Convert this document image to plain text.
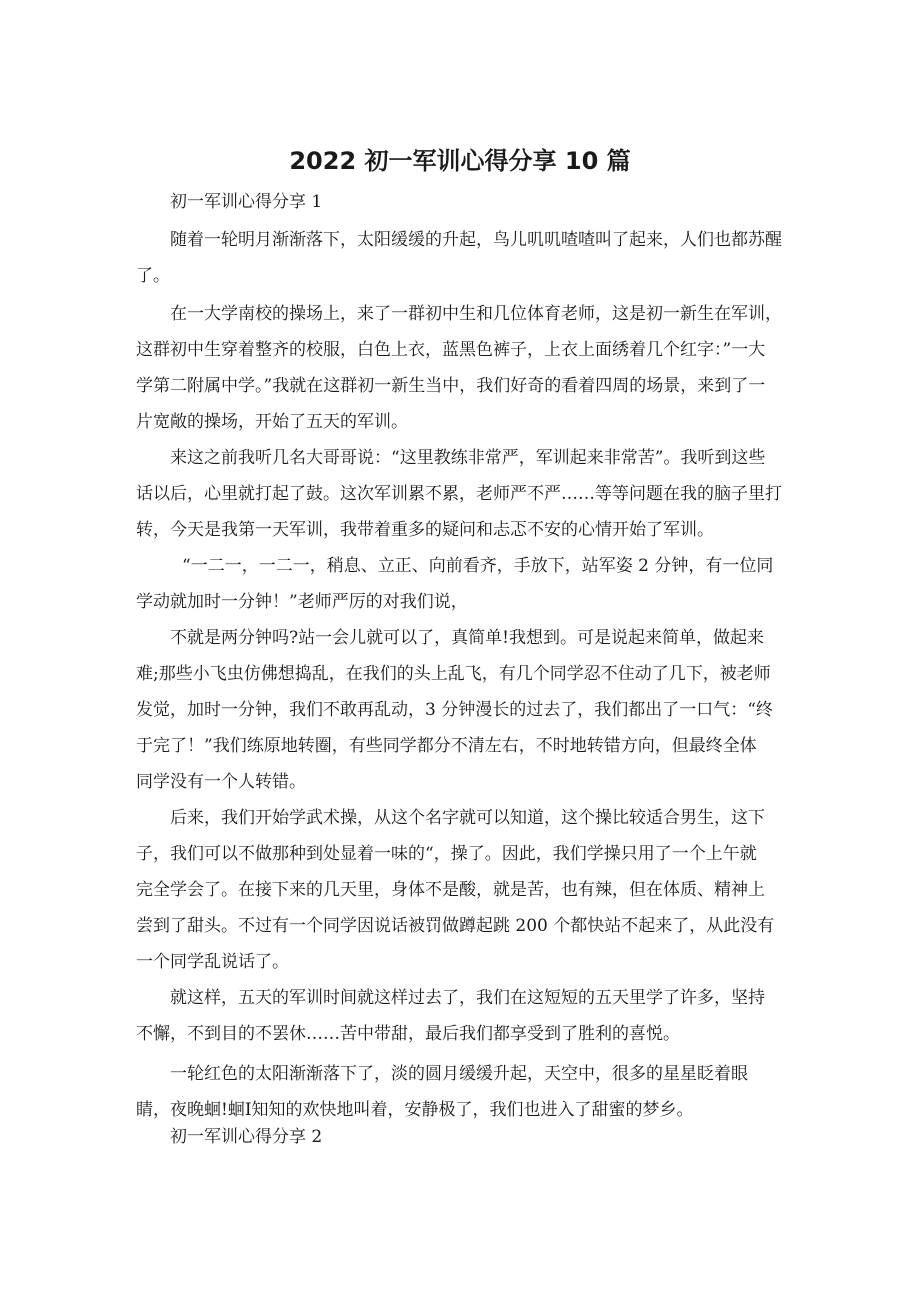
2022 初一军训心得分享 10 篇
初一军训心得分享 1
随着一轮明月渐渐落下，太阳缓缓的升起，鸟儿叽叽喳喳叫了起来，人们也都苏醒
了。
在一大学南校的操场上，来了一群初中生和几位体育老师，这是初一新生在军训，
这群初中生穿着整齐的校服，白色上衣，蓝黑色裤子，上衣上面绣着几个红字：”一大
学第二附属中学。”我就在这群初一新生当中，我们好奇的看着四周的场景，来到了一
片宽敞的操场，开始了五天的军训。
来这之前我听几名大哥哥说：“这里教练非常严，军训起来非常苦”。我听到这些
话以后，心里就打起了鼓。这次军训累不累，老师严不严……等等问题在我的脑子里打
转，今天是我第一天军训，我带着重多的疑问和忐忑不安的心情开始了军训。
“一二一，一二一，稍息、立正、向前看齐，手放下，站军姿 2 分钟，有一位同
学动就加时一分钟！”老师严厉的对我们说，
不就是两分钟吗?站一会儿就可以了，真简单!我想到。可是说起来简单，做起来
难;那些小飞虫仿佛想捣乱，在我们的头上乱飞，有几个同学忍不住动了几下，被老师
发觉，加时一分钟，我们不敢再乱动，3 分钟漫长的过去了，我们都出了一口气：“终
于完了！”我们练原地转圈，有些同学都分不清左右，不时地转错方向，但最终全体
同学没有一个人转错。
后来，我们开始学武术操，从这个名字就可以知道，这个操比较适合男生，这下
子，我们可以不做那种到处显着一味的“，操了。因此，我们学操只用了一个上午就
完全学会了。在接下来的几天里，身体不是酸，就是苦，也有辣，但在体质、精神上
尝到了甜头。不过有一个同学因说话被罚做蹲起跳 200 个都快站不起来了，从此没有
一个同学乱说话了。
就这样，五天的军训时间就这样过去了，我们在这短短的五天里学了许多，坚持
不懈，不到目的不罢休……苦中带甜，最后我们都享受到了胜利的喜悦。
一轮红色的太阳渐渐落下了，淡的圆月缓缓升起，天空中，很多的星星眨着眼
睛，夜晚蛔!蛔Ⅰ知知的欢快地叫着，安静极了，我们也进入了甜蜜的梦乡。
初一军训心得分享 2
